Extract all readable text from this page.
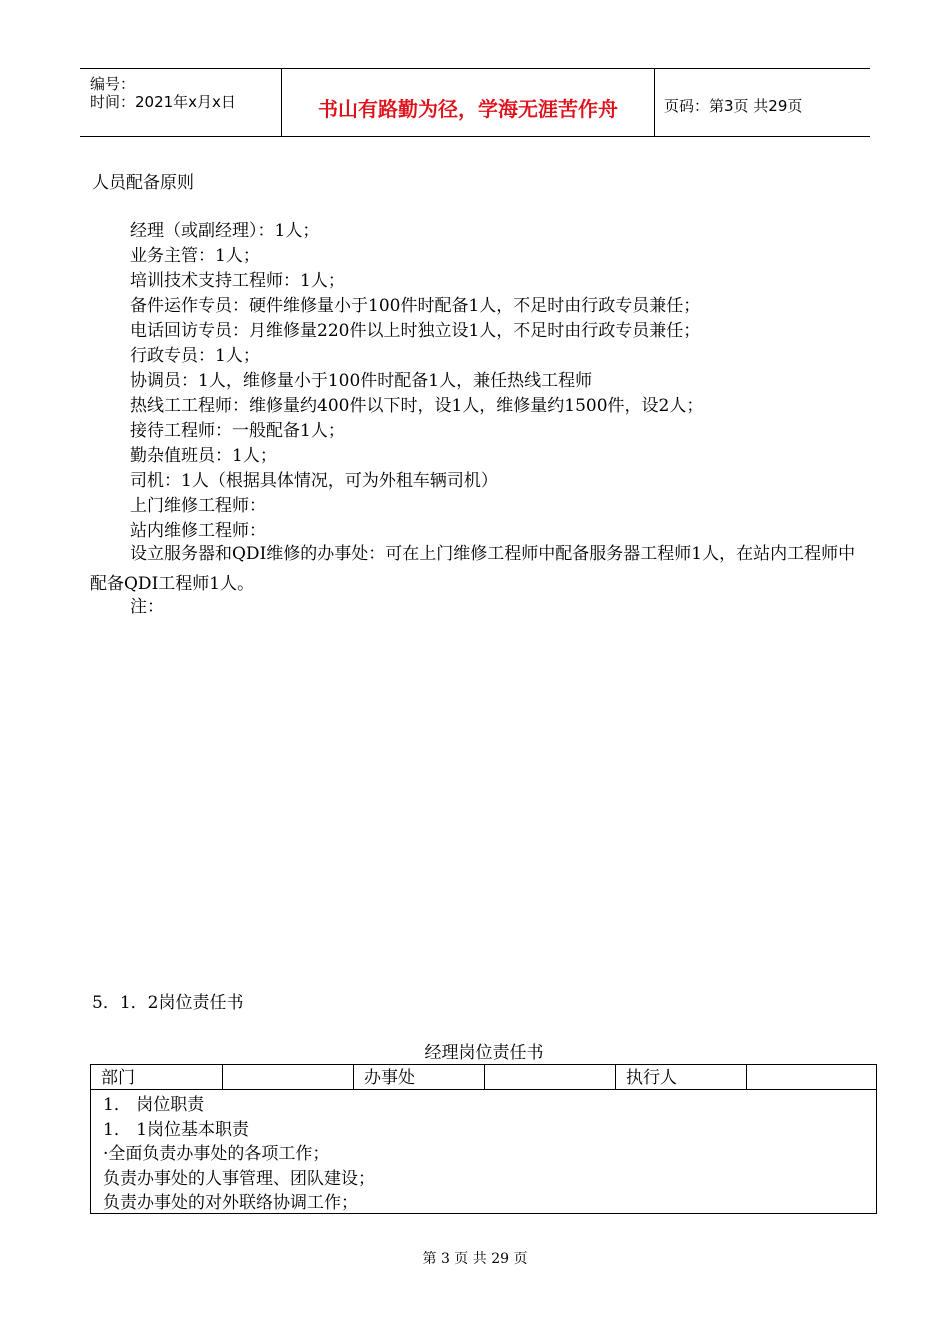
编号：
时间：2021年x月x日	书山有路勤为径，学海无涯苦作舟	页码：第3页 共29页
人员配备原则
经理（或副经理）：1人；
业务主管：1人；
培训技术支持工程师：1人；
备件运作专员：硬件维修量小于100件时配备1人，不足时由行政专员兼任；
电话回访专员：月维修量220件以上时独立设1人，不足时由行政专员兼任；
行政专员：1人；
协调员：1人，维修量小于100件时配备1人，兼任热线工程师
热线工工程师：维修量约400件以下时，设1人，维修量约1500件，设2人；
接待工程师：一般配备1人；
勤杂值班员：1人；
司机：1人（根据具体情况，可为外租车辆司机）
上门维修工程师：
站内维修工程师：
设立服务器和QDI维修的办事处：可在上门维修工程师中配备服务器工程师1人，在站内工程师中配备QDI工程师1人。
注：
5．1．2岗位责任书
经理岗位责任书
部门	办事处	执行人
1． 岗位职责
1． 1岗位基本职责
·全面负责办事处的各项工作；
负责办事处的人事管理、团队建设；
负责办事处的对外联络协调工作；
第 3 页 共 29 页
